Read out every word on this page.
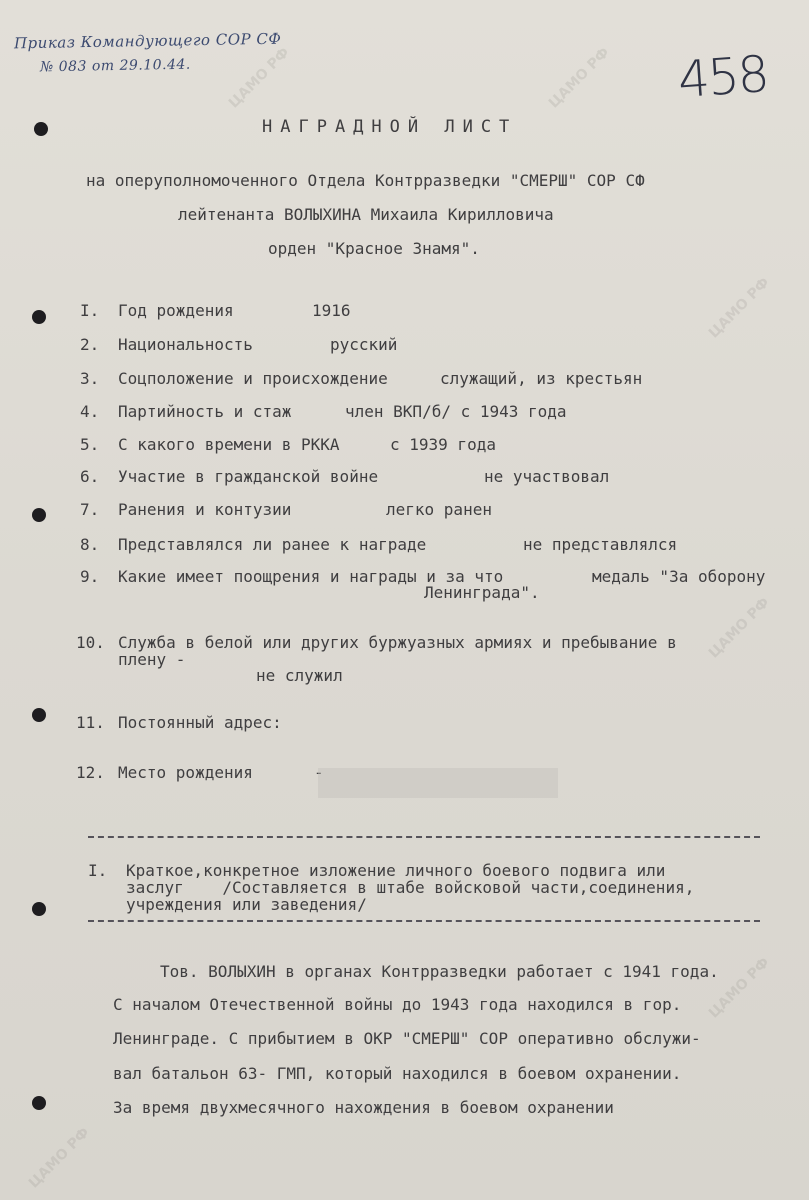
ЦАМО РФ	ЦАМО РФ
ЦАМО РФ
ЦАМО РФ
ЦАМО РФ
ЦАМО РФ
Приказ Командующего СОР СФ
№ 083 от 29.10.44.	458
НАГРАДНОЙ ЛИСТ
на оперуполномоченного Отдела Контрразведки "СМЕРШ" СОР СФ
лейтенанта ВОЛЫХИНА Михаила Кирилловича
орден "Красное Знамя".
I. Год рождения	1916
2. Национальность	русский
3. Соцположение и происхождение	служащий, из крестьян
4. Партийность и стаж	член ВКП/б/ с 1943 года
5. С какого времени в РККА	с 1939 года
6. Участие в гражданской войне	не участвовал
7. Ранения и контузии	легко ранен
8. Представлялся ли ранее к награде	не представлялся
9. Какие имеет поощрения и награды и за что	медаль "За оборону
Ленинграда".
10. Служба в белой или других буржуазных армиях и пребывание в
плену -
не служил
11. Постоянный адрес:
12. Место рождения	-
I. Краткое,конкретное изложение личного боевого подвига или
заслуг    /Составляется в штабе войсковой части,соединения,
учреждения или заведения/
Тов. ВОЛЫХИН в органах Контрразведки работает с 1941 года.
С началом Отечественной войны до 1943 года находился в гор.
Ленинграде. С прибытием в ОКР "СМЕРШ" СОР оперативно обслужи-
вал батальон 63- ГМП, который находился в боевом охранении.
За время двухмесячного нахождения в боевом охранении
